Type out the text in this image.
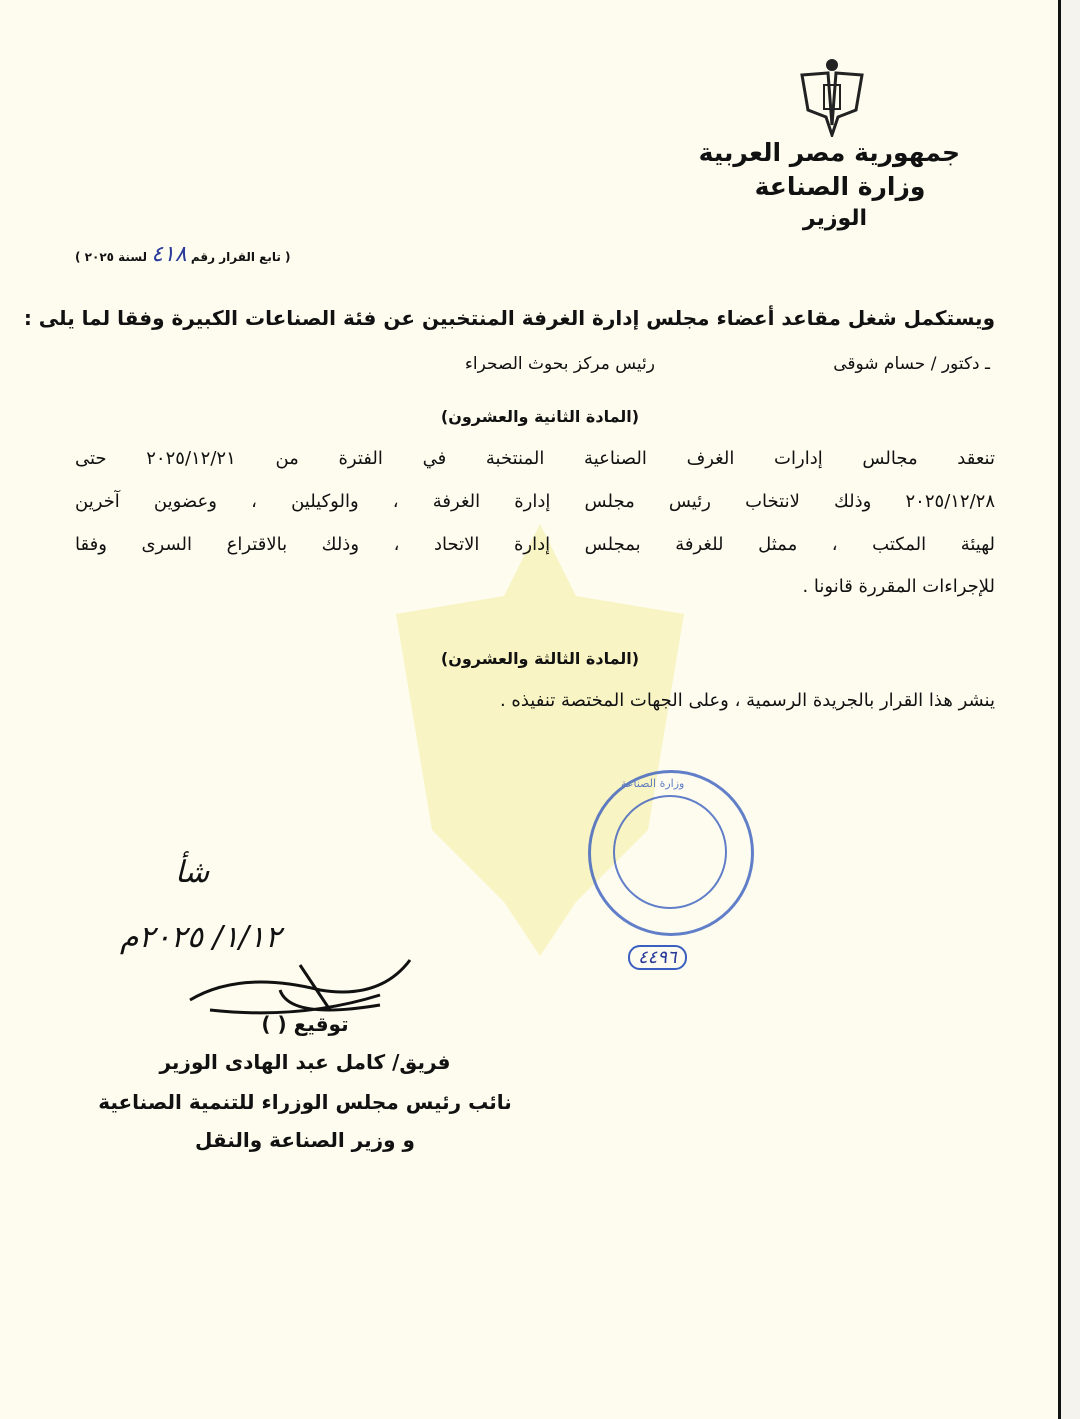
جمهورية مصر العربية
وزارة الصناعة
الوزير
( تابع القرار رقم ٤١٨ لسنة ٢٠٢٥ )
ويستكمل شغل مقاعد أعضاء مجلس إدارة الغرفة المنتخبين عن فئة الصناعات الكبيرة وفقا لما يلى :
ـ دكتور / حسام شوقى
رئيس مركز بحوث الصحراء
(المادة الثانية والعشرون)
تنعقد مجالس إدارات الغرف الصناعية المنتخبة في الفترة من ٢٠٢٥/١٢/٢١ حتى
٢٠٢٥/١٢/٢٨ وذلك لانتخاب رئيس مجلس إدارة الغرفة ، والوكيلين ، وعضوين آخرين
لهيئة المكتب ، ممثل للغرفة بمجلس إدارة الاتحاد ، وذلك بالاقتراع السرى وفقا
للإجراءات المقررة قانونا .
(المادة الثالثة والعشرون)
ينشر هذا القرار بالجريدة الرسمية ، وعلى الجهات المختصة تنفيذه .
وزارة الصناعة
٤٤٩٦
شأ
١/١٢/ ٢٠٢٥م
توقيع ( )
فريق/ كامل عبد الهادى الوزير
نائب رئيس مجلس الوزراء للتنمية الصناعية
و وزير الصناعة والنقل
